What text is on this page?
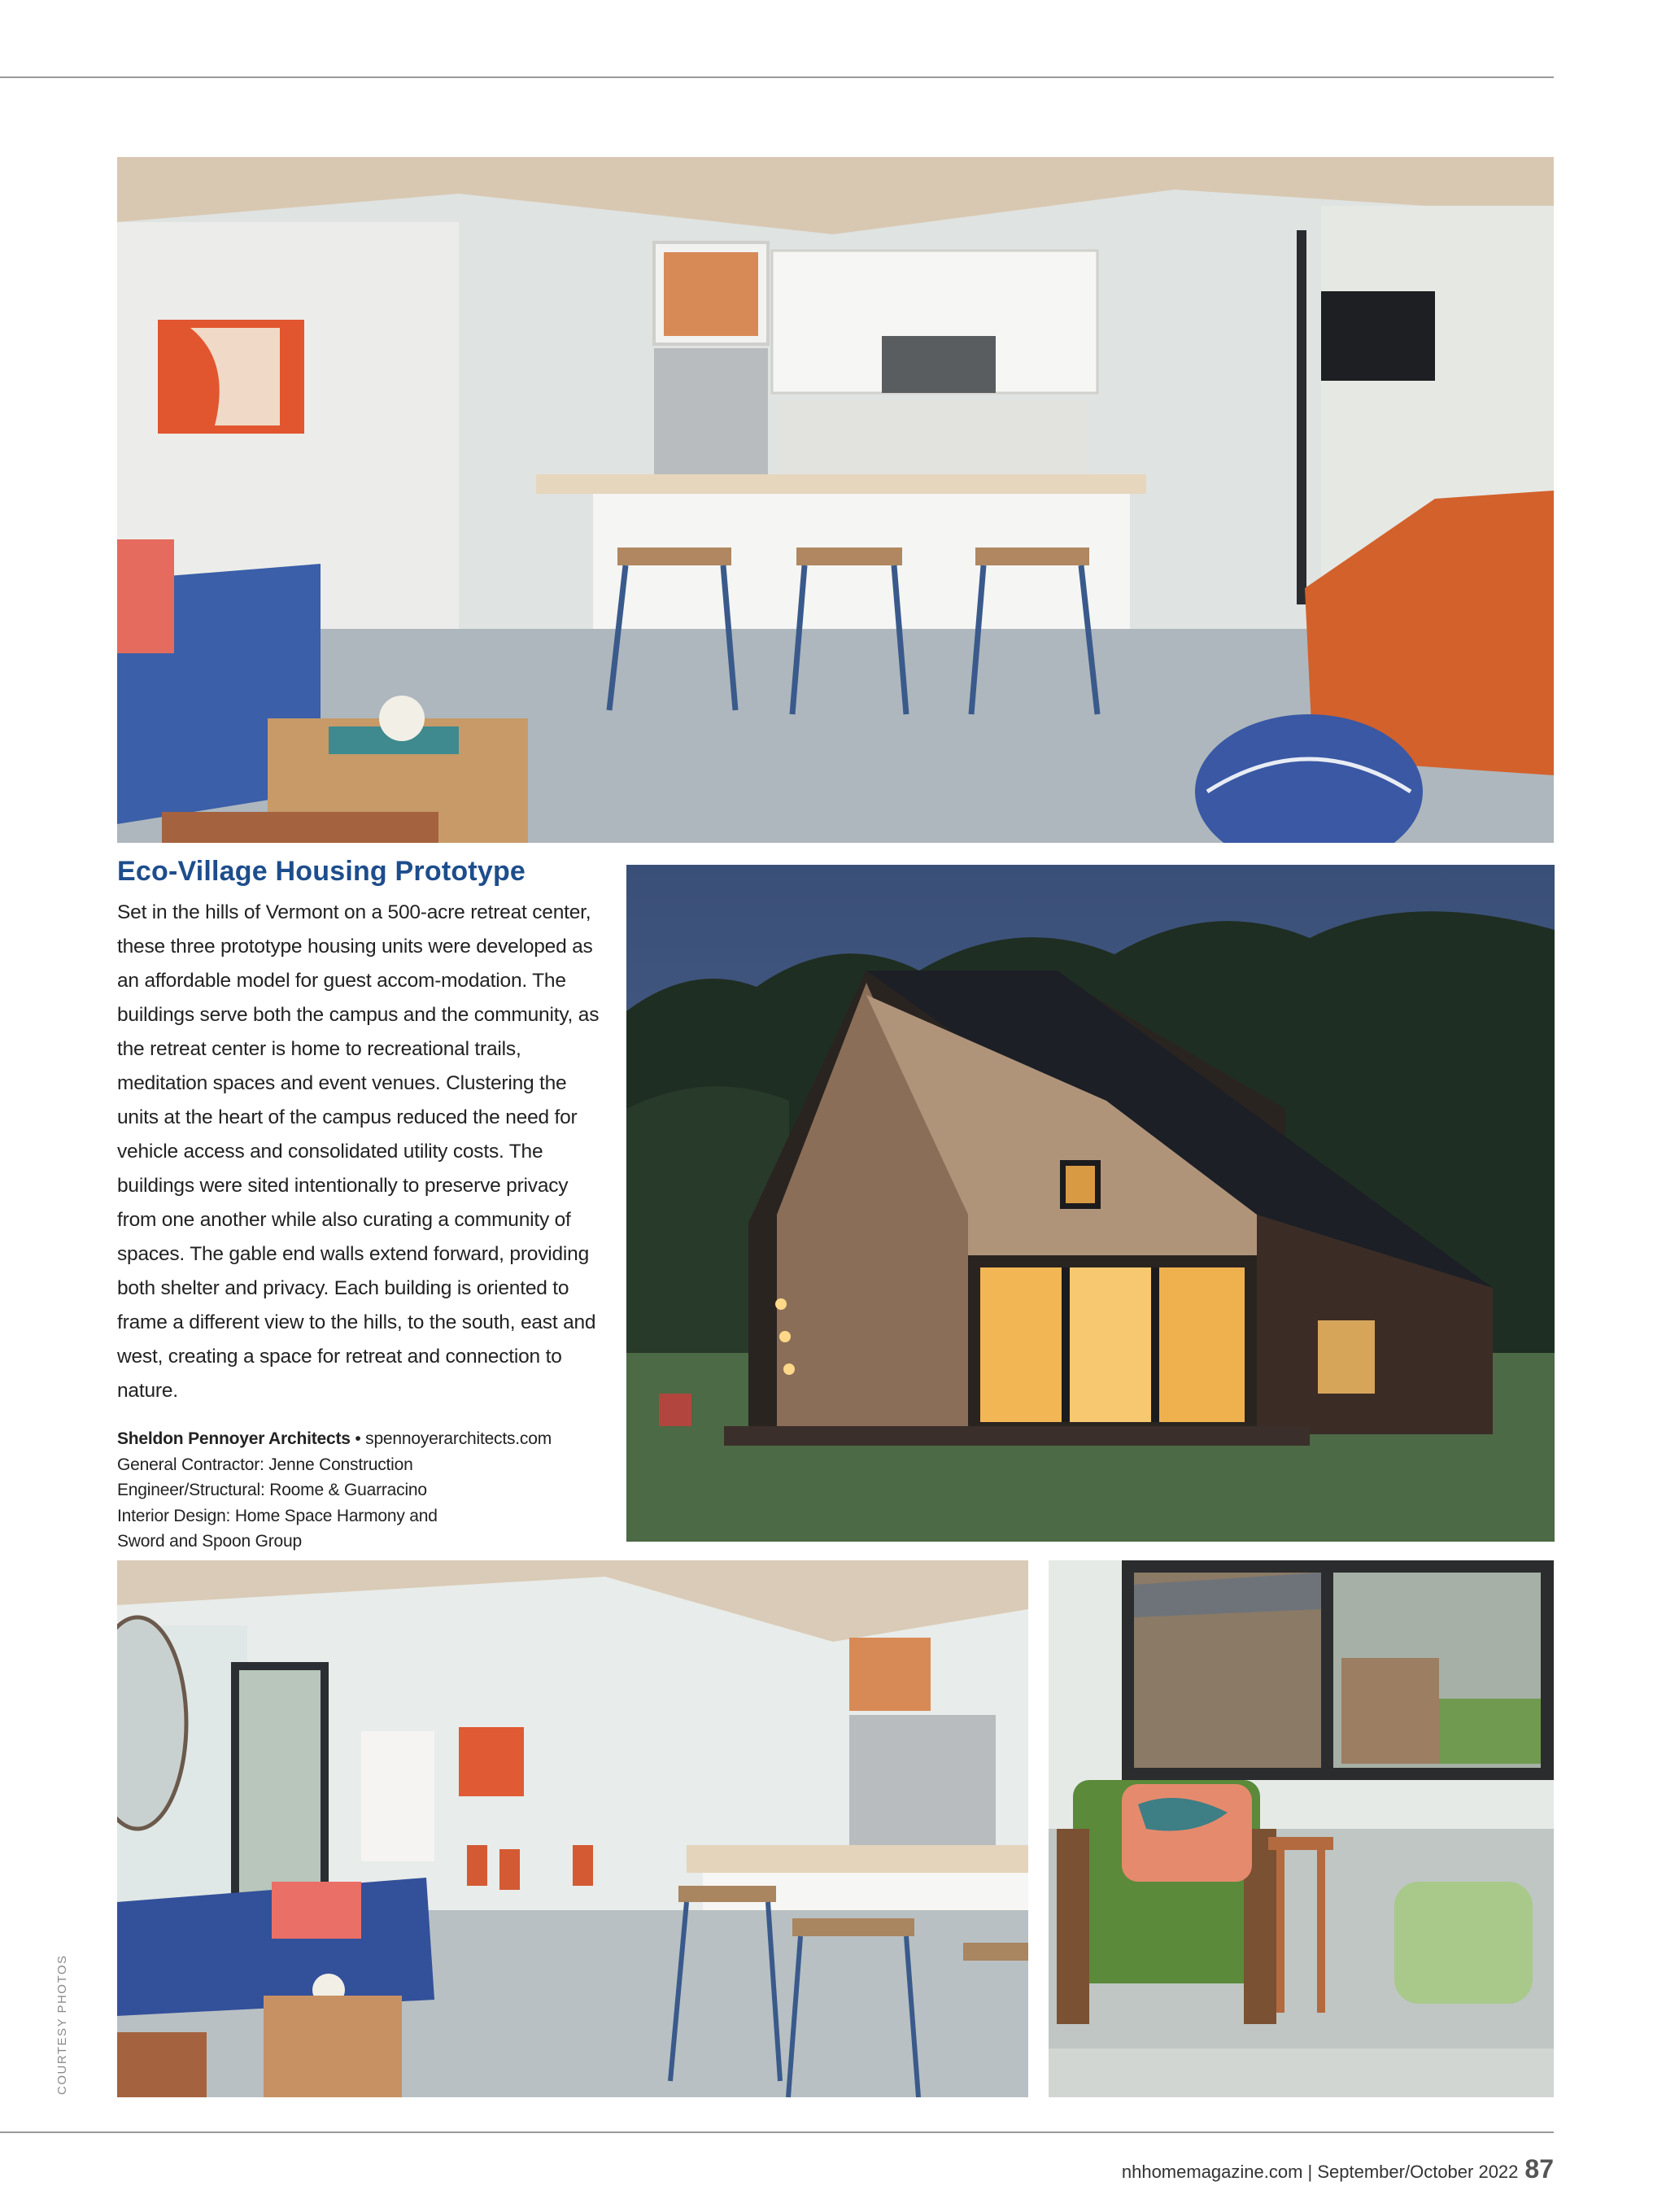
Eco-Village Housing Prototype

Set in the hills of Vermont on a 500-acre retreat center, these three prototype housing units were developed as an affordable model for guest accom-modation. The buildings serve both the campus and the community, as the retreat center is home to recreational trails, meditation spaces and event venues. Clustering the units at the heart of the campus reduced the need for vehicle access and consolidated utility costs. The buildings were sited intentionally to preserve privacy from one another while also curating a community of spaces. The gable end walls extend forward, providing both shelter and privacy. Each building is oriented to frame a different view to the hills, to the south, east and west, creating a space for retreat and connection to nature.

Sheldon Pennoyer Architects • spennoyerarchitects.com
General Contractor: Jenne Construction
Engineer/Structural: Roome & Guarracino
Interior Design: Home Space Harmony and
Sword and Spoon Group
COURTESY PHOTOS
nhhomemagazine.com | September/October 2022 87
